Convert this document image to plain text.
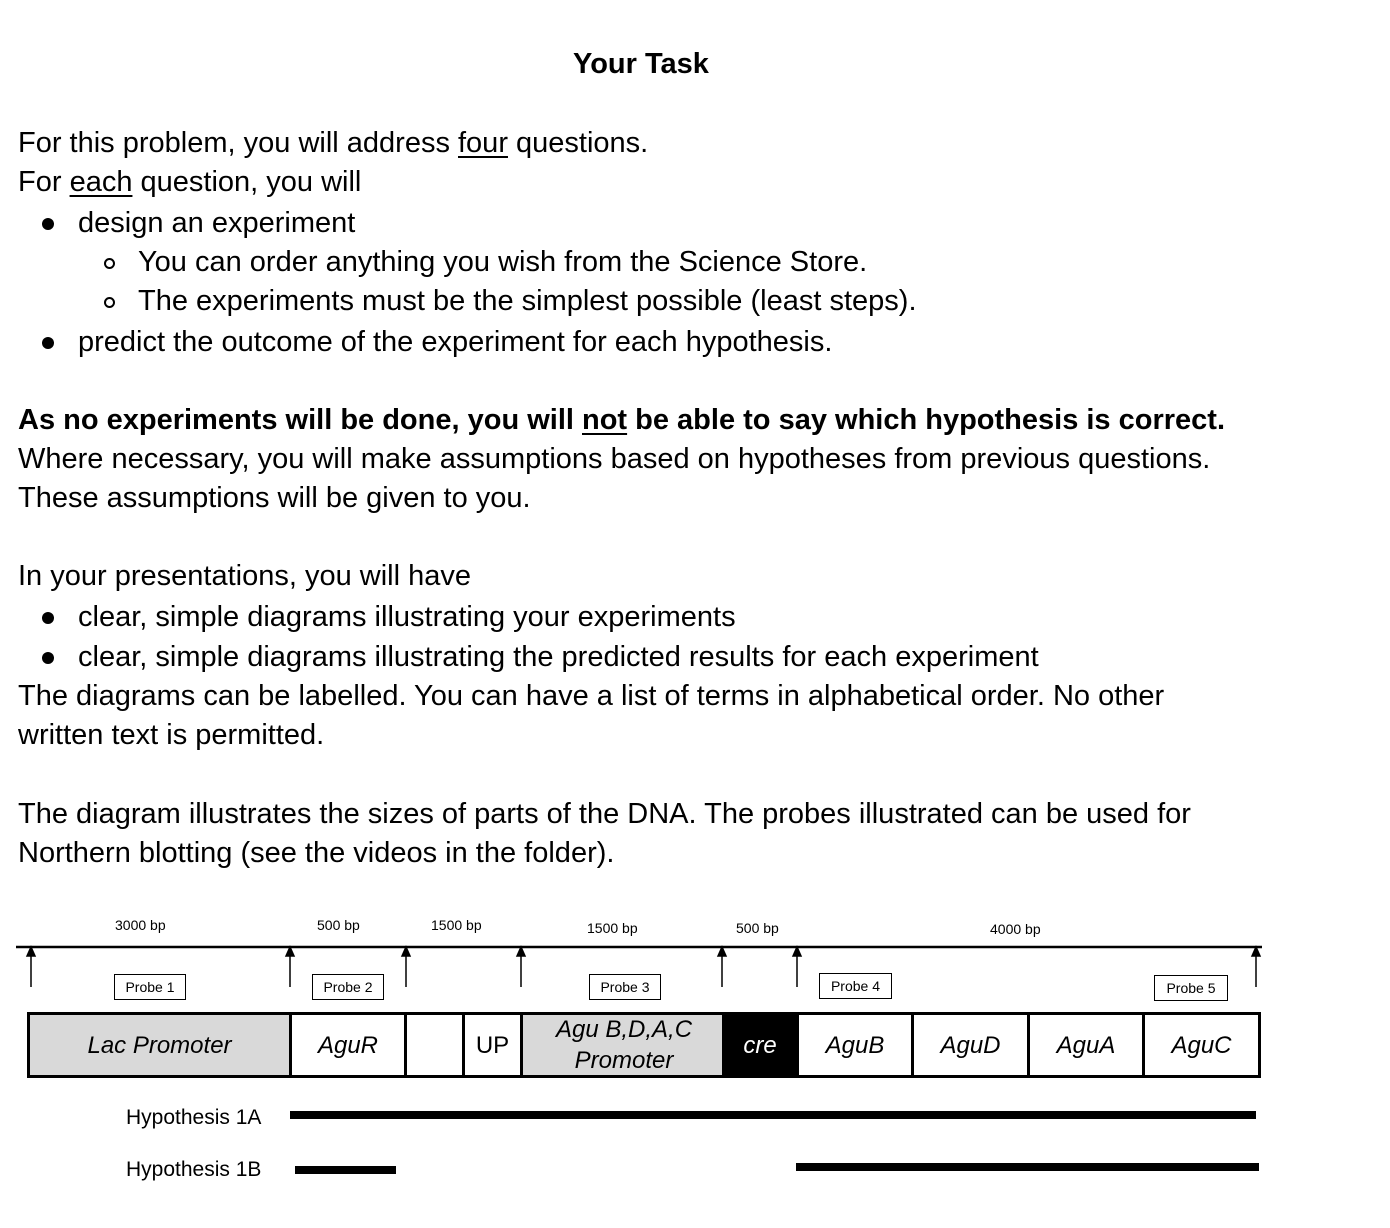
Your Task
For this problem, you will address four questions.
For each question, you will
design an experiment
You can order anything you wish from the Science Store.
The experiments must be the simplest possible (least steps).
predict the outcome of the experiment for each hypothesis.
As no experiments will be done, you will not be able to say which hypothesis is correct.
Where necessary, you will make assumptions based on hypotheses from previous questions.
These assumptions will be given to you.
In your presentations, you will have
clear, simple diagrams illustrating your experiments
clear, simple diagrams illustrating the predicted results for each experiment
The diagrams can be labelled. You can have a list of terms in alphabetical order. No other
written text is permitted.
The diagram illustrates the sizes of parts of the DNA. The probes illustrated can be used for
Northern blotting (see the videos in the folder).
3000 bp	500 bp	1500 bp	1500 bp	500 bp	4000 bp
Probe 1	Probe 2	Probe 3	Probe 4	Probe 5
Lac Promoter	AguR	UP
Agu B,D,A,C
Promoter
cre AguB AguD AguA AguC
Hypothesis 1A
Hypothesis 1B
